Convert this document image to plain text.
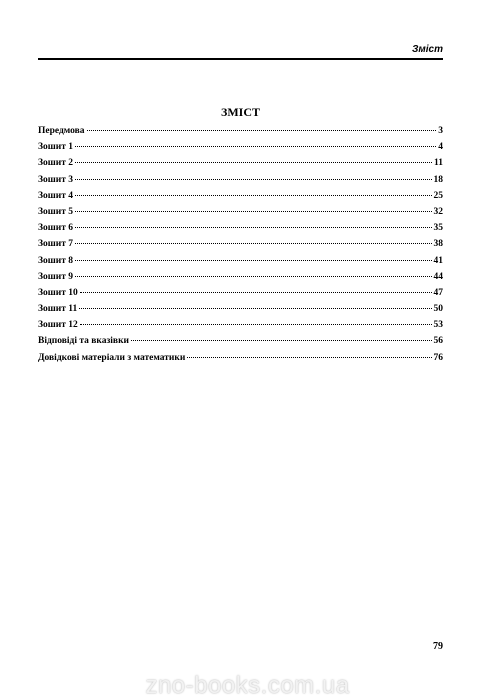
Зміст
ЗМІСТ
Передмова	3
Зошит 1	4
Зошит 2	11
Зошит 3	18
Зошит 4	25
Зошит 5	32
Зошит 6	35
Зошит 7	38
Зошит 8	41
Зошит 9	44
Зошит 10	47
Зошит 11	50
Зошит 12	53
Відповіді та вказівки	56
Довідкові матеріали з математики	76
79
zno-books.com.ua
